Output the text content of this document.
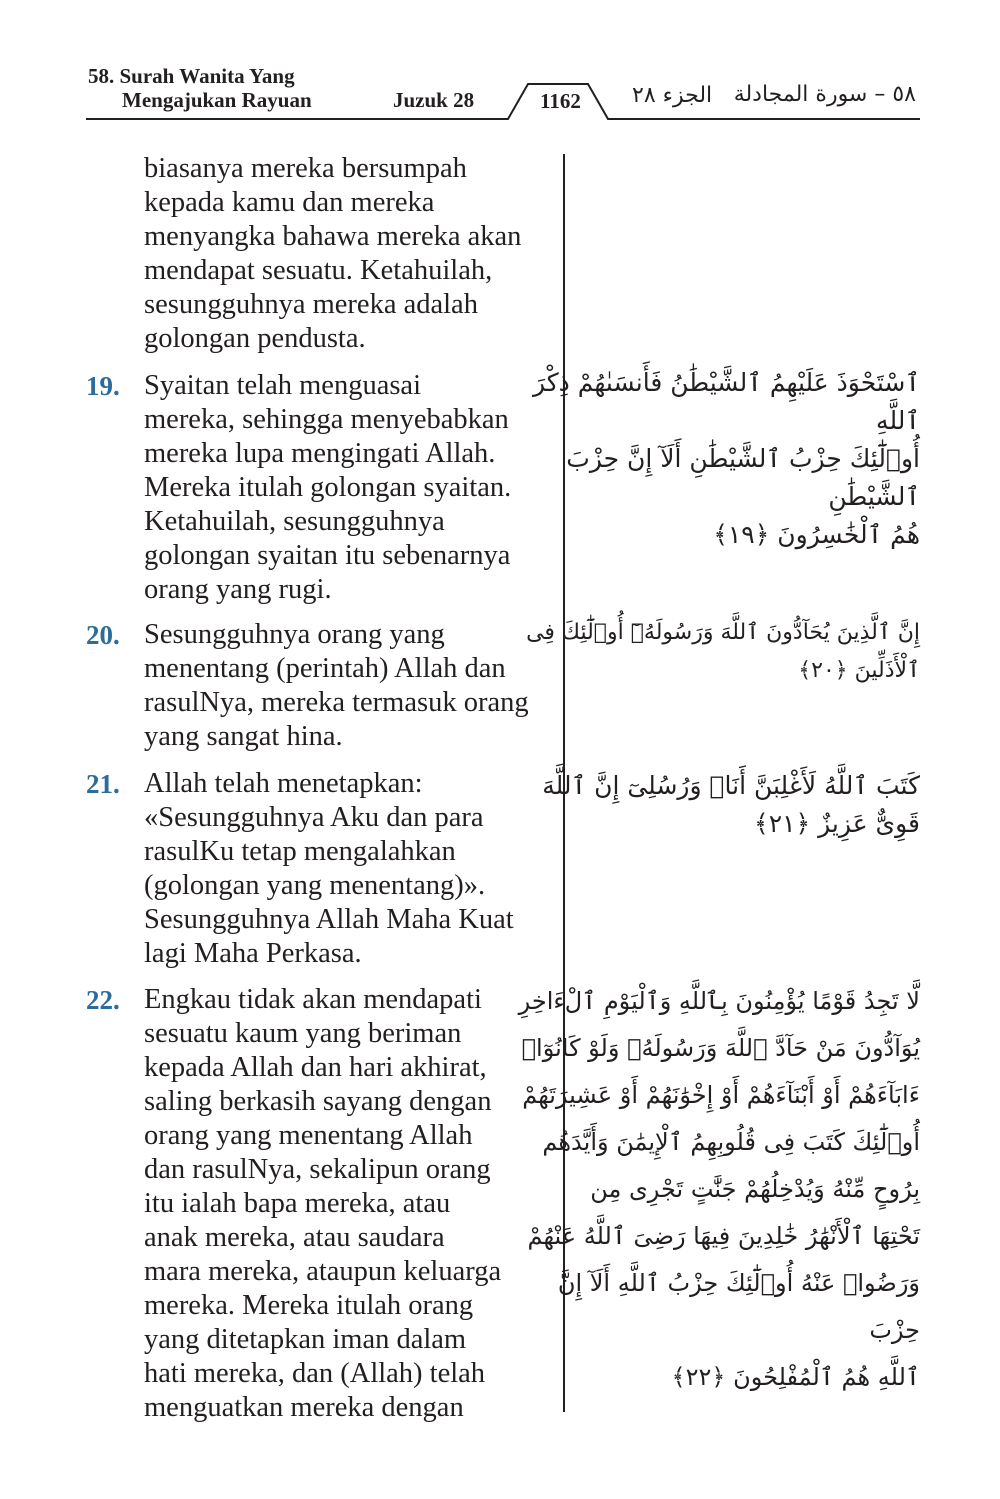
58. Surah Wanita Yang
Mengajukan Rayuan	Juzuk 28	1162 الجزء ٢٨ ٥٨ – سورة المجادلة
biasanya mereka bersumpah
kepada kamu dan mereka
menyangka bahawa mereka akan
mendapat sesuatu. Ketahuilah,
sesungguhnya mereka adalah
golongan pendusta.
19. Syaitan telah menguasai
mereka, sehingga menyebabkan
mereka lupa mengingati Allah.
Mereka itulah golongan syaitan.
Ketahuilah, sesungguhnya
golongan syaitan itu sebenarnya
orang yang rugi.
ٱسْتَحْوَذَ عَلَيْهِمُ ٱلشَّيْطَٰنُ فَأَنسَىٰهُمْ ذِكْرَ ٱللَّهِ
أُو۟لَٰٓئِكَ حِزْبُ ٱلشَّيْطَٰنِ أَلَآ إِنَّ حِزْبَ ٱلشَّيْطَٰنِ
هُمُ ٱلْخَٰسِرُونَ ﴿١٩﴾
20. Sesungguhnya orang yang
menentang (perintah) Allah dan
rasulNya, mereka termasuk orang
yang sangat hina.
إِنَّ ٱلَّذِينَ يُحَآدُّونَ ٱللَّهَ وَرَسُولَهُۥٓ أُو۟لَٰٓئِكَ فِى ٱلْأَذَلِّينَ ﴿٢٠﴾
21. Allah telah menetapkan:
«Sesungguhnya Aku dan para
rasulKu tetap mengalahkan
(golongan yang menentang)».
Sesungguhnya Allah Maha Kuat
lagi Maha Perkasa.
كَتَبَ ٱللَّهُ لَأَغْلِبَنَّ أَنَا۠ وَرُسُلِىٓ إِنَّ ٱللَّهَ
قَوِىٌّ عَزِيزٌ ﴿٢١﴾
22. Engkau tidak akan mendapati
sesuatu kaum yang beriman
kepada Allah dan hari akhirat,
saling berkasih sayang dengan
orang yang menentang Allah
dan rasulNya, sekalipun orang
itu ialah bapa mereka, atau
anak mereka, atau saudara
mara mereka, ataupun keluarga
mereka. Mereka itulah orang
yang ditetapkan iman dalam
hati mereka, dan (Allah) telah
menguatkan mereka dengan
لَّا تَجِدُ قَوْمًا يُؤْمِنُونَ بِٱللَّهِ وَٱلْيَوْمِ ٱلْءَاخِرِ
يُوَآدُّونَ مَنْ حَآدَّ ٱللَّهَ وَرَسُولَهُۥ وَلَوْ كَانُوٓا۟
ءَابَآءَهُمْ أَوْ أَبْنَآءَهُمْ أَوْ إِخْوَٰنَهُمْ أَوْ عَشِيرَتَهُمْ
أُو۟لَٰٓئِكَ كَتَبَ فِى قُلُوبِهِمُ ٱلْإِيمَٰنَ وَأَيَّدَهُم
بِرُوحٍ مِّنْهُ وَيُدْخِلُهُمْ جَنَّٰتٍ تَجْرِى مِن
تَحْتِهَا ٱلْأَنْهَٰرُ خَٰلِدِينَ فِيهَا رَضِىَ ٱللَّهُ عَنْهُمْ
وَرَضُوا۟ عَنْهُ أُو۟لَٰٓئِكَ حِزْبُ ٱللَّهِ أَلَآ إِنَّ حِزْبَ
ٱللَّهِ هُمُ ٱلْمُفْلِحُونَ ﴿٢٢﴾
